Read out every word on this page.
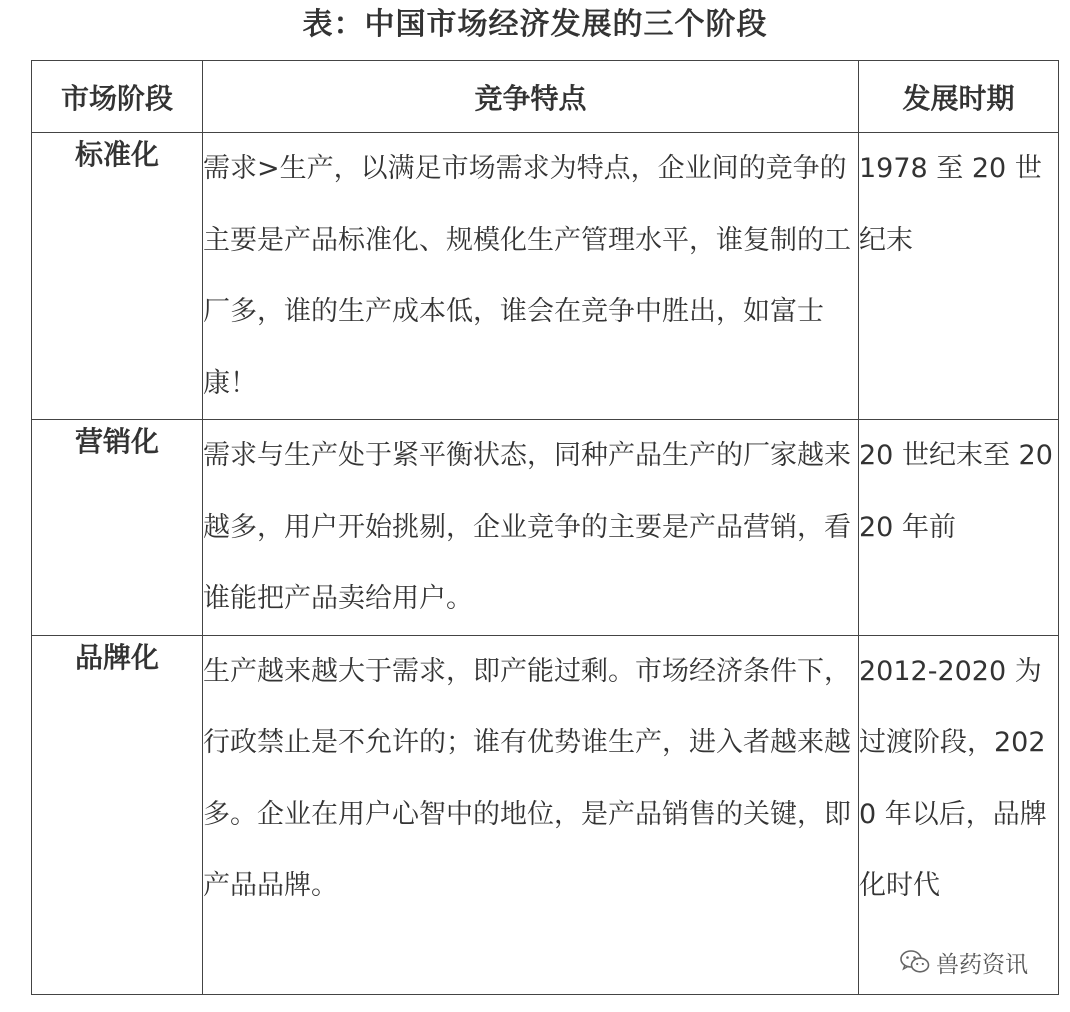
表：中国市场经济发展的三个阶段
市场阶段	竞争特点	发展时期
标准化	需求>生产，以满足市场需求为特点，企业间的竞争的主要是产品标准化、规模化生产管理水平，谁复制的工厂多，谁的生产成本低，谁会在竞争中胜出，如富士康！	1978 至 20 世纪末

营销化	需求与生产处于紧平衡状态，同种产品生产的厂家越来越多，用户开始挑剔，企业竞争的主要是产品营销，看谁能把产品卖给用户。	20 世纪末至 2020 年前

品牌化	生产越来越大于需求，即产能过剩。市场经济条件下，行政禁止是不允许的；谁有优势谁生产，进入者越来越多。企业在用户心智中的地位，是产品销售的关键，即产品品牌。	2012-2020 为过渡阶段，2020 年以后，品牌化时代
兽药资讯
